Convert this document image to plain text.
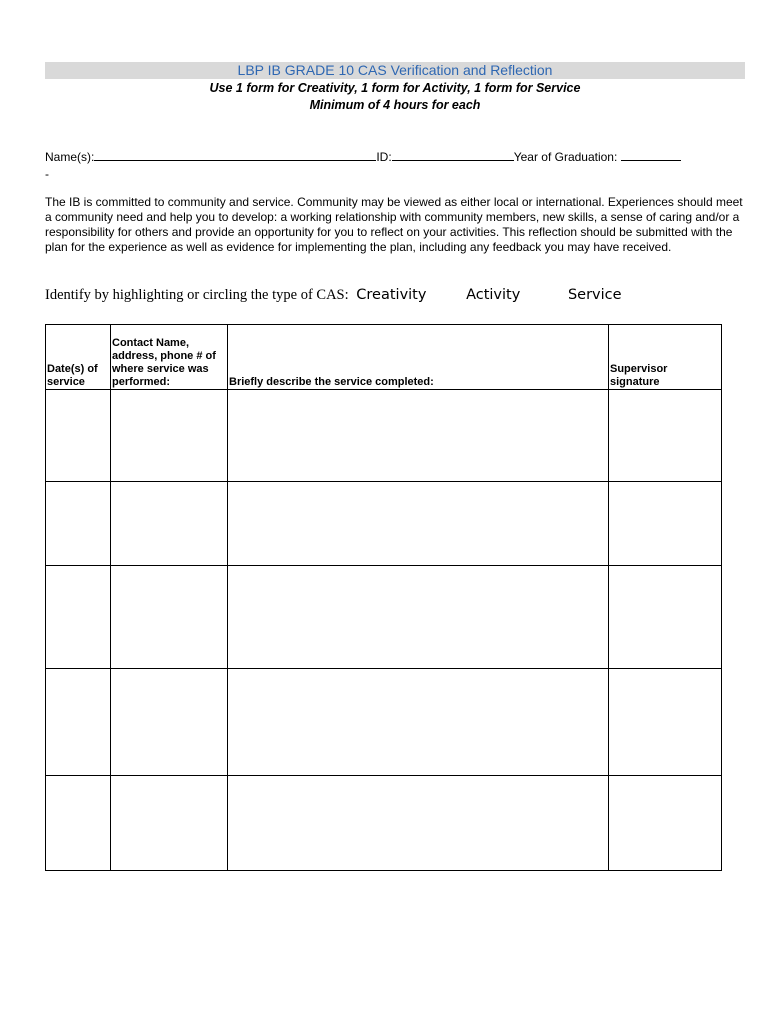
LBP IB GRADE 10 CAS Verification and Reflection
Use 1 form for Creativity, 1 form for Activity, 1 form for Service
Minimum of 4 hours for each
Name(s):	ID:	Year of Graduation:
-
The IB is committed to community and service. Community may be viewed as either local or international. Experiences should meet a community need and help you to develop: a working relationship with community members, new skills, a sense of caring and/or a responsibility for others and provide an opportunity for you to reflect on your activities. This reflection should be submitted with the plan for the experience as well as evidence for implementing the plan, including any feedback you may have received.
Identify by highlighting or circling the type of CAS: Creativity	Activity	Service
Date(s) of service	Contact Name, address, phone # of where service was performed:	Briefly describe the service completed:	Supervisor signature
